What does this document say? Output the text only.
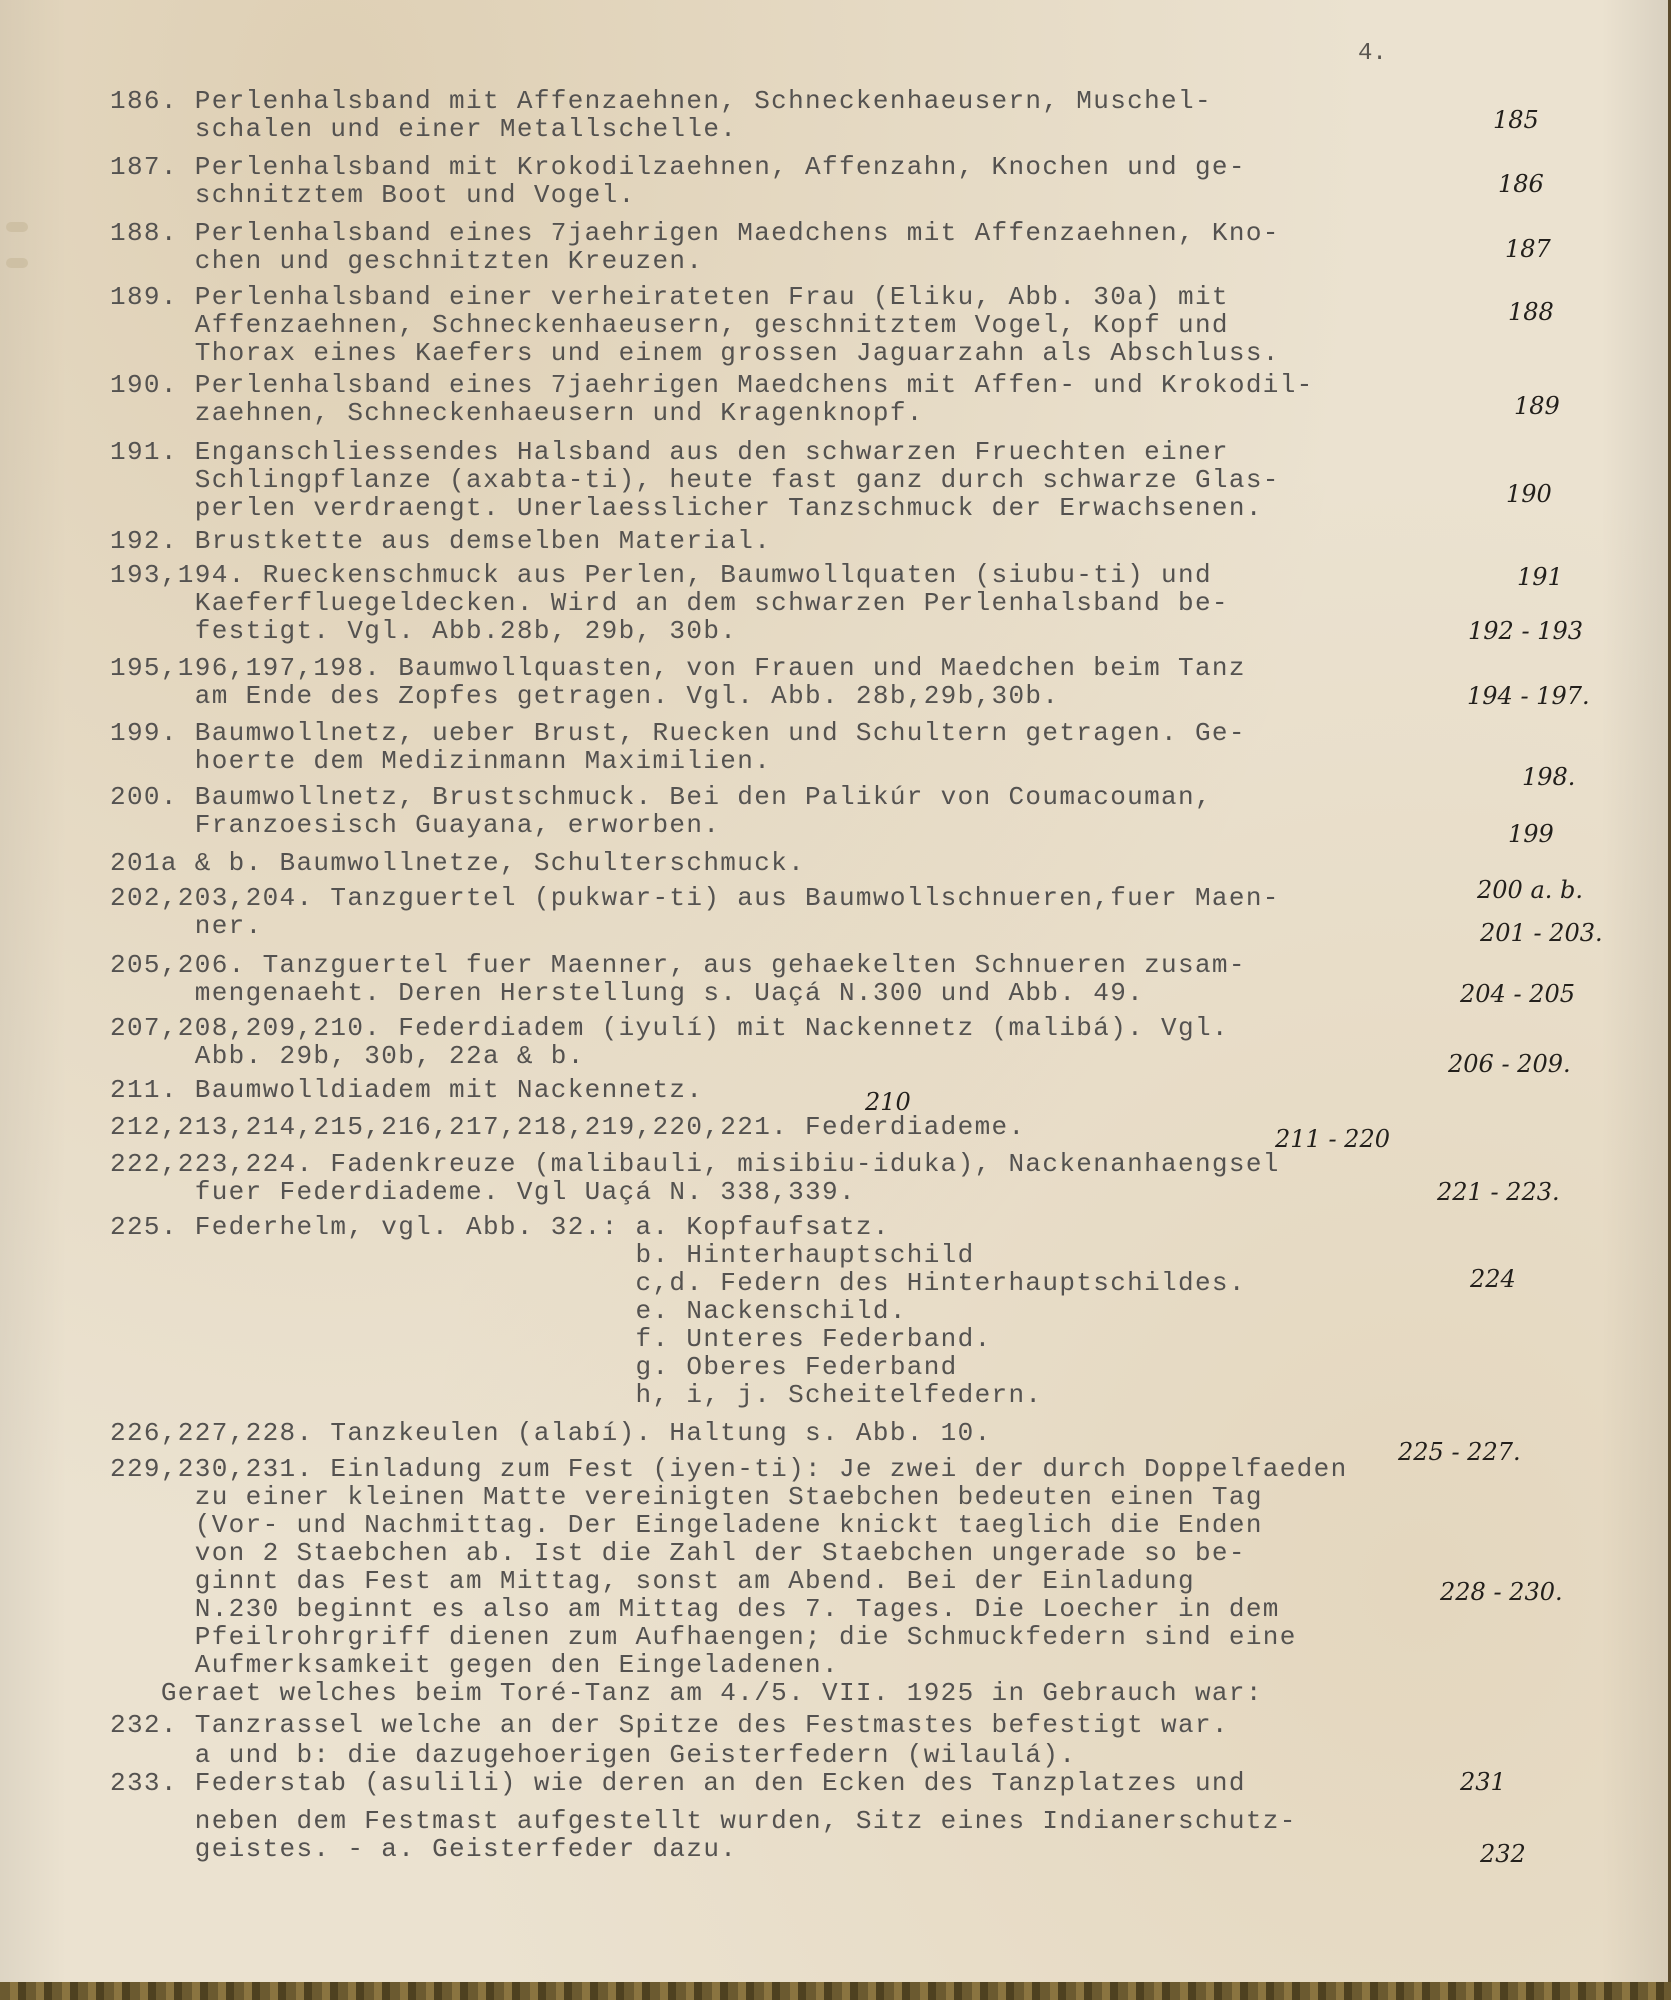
4.
186. Perlenhalsband mit Affenzaehnen, Schneckenhaeusern, Muschel-
schalen und einer Metallschelle.
187. Perlenhalsband mit Krokodilzaehnen, Affenzahn, Knochen und ge-
schnitztem Boot und Vogel.
188. Perlenhalsband eines 7jaehrigen Maedchens mit Affenzaehnen, Kno-
chen und geschnitzten Kreuzen.
189. Perlenhalsband einer verheirateten Frau (Eliku, Abb. 30a) mit
Affenzaehnen, Schneckenhaeusern, geschnitztem Vogel, Kopf und
Thorax eines Kaefers und einem grossen Jaguarzahn als Abschluss.
190. Perlenhalsband eines 7jaehrigen Maedchens mit Affen- und Krokodil-
zaehnen, Schneckenhaeusern und Kragenknopf.
191. Enganschliessendes Halsband aus den schwarzen Fruechten einer
Schlingpflanze (axabta-ti), heute fast ganz durch schwarze Glas-
perlen verdraengt. Unerlaesslicher Tanzschmuck der Erwachsenen.
192. Brustkette aus demselben Material.
193,194. Rueckenschmuck aus Perlen, Baumwollquaten (siubu-ti) und
Kaeferfluegeldecken. Wird an dem schwarzen Perlenhalsband be-
festigt. Vgl. Abb.28b, 29b, 30b.
195,196,197,198. Baumwollquasten, von Frauen und Maedchen beim Tanz
am Ende des Zopfes getragen. Vgl. Abb. 28b,29b,30b.
199. Baumwollnetz, ueber Brust, Ruecken und Schultern getragen. Ge-
hoerte dem Medizinmann Maximilien.
200. Baumwollnetz, Brustschmuck. Bei den Palikúr von Coumacouman,
Franzoesisch Guayana, erworben.
201a & b. Baumwollnetze, Schulterschmuck.
202,203,204. Tanzguertel (pukwar-ti) aus Baumwollschnueren,fuer Maen-
ner.
205,206. Tanzguertel fuer Maenner, aus gehaekelten Schnueren zusam-
mengenaeht. Deren Herstellung s. Uaçá N.300 und Abb. 49.
207,208,209,210. Federdiadem (iyulí) mit Nackennetz (malibá). Vgl.
Abb. 29b, 30b, 22a & b.
211. Baumwolldiadem mit Nackennetz.
212,213,214,215,216,217,218,219,220,221. Federdiademe.
222,223,224. Fadenkreuze (malibauli, misibiu-iduka), Nackenanhaengsel
fuer Federdiademe. Vgl Uaçá N. 338,339.
225. Federhelm, vgl. Abb. 32.: a. Kopfaufsatz.
b. Hinterhauptschild
c,d. Federn des Hinterhauptschildes.
e. Nackenschild.
f. Unteres Federband.
g. Oberes Federband
h, i, j. Scheitelfedern.
226,227,228. Tanzkeulen (alabí). Haltung s. Abb. 10.
229,230,231. Einladung zum Fest (iyen-ti): Je zwei der durch Doppelfaeden
zu einer kleinen Matte vereinigten Staebchen bedeuten einen Tag
(Vor- und Nachmittag. Der Eingeladene knickt taeglich die Enden
von 2 Staebchen ab. Ist die Zahl der Staebchen ungerade so be-
ginnt das Fest am Mittag, sonst am Abend. Bei der Einladung
N.230 beginnt es also am Mittag des 7. Tages. Die Loecher in dem
Pfeilrohrgriff dienen zum Aufhaengen; die Schmuckfedern sind eine
Aufmerksamkeit gegen den Eingeladenen.
Geraet welches beim Toré-Tanz am 4./5. VII. 1925 in Gebrauch war:
232. Tanzrassel welche an der Spitze des Festmastes befestigt war.
a und b: die dazugehoerigen Geisterfedern (wilaulá).
233. Federstab (asulili) wie deren an den Ecken des Tanzplatzes und
neben dem Festmast aufgestellt wurden, Sitz eines Indianerschutz-
geistes. - a. Geisterfeder dazu.
185
186
187
188
189
190
191
192 - 193
194 - 197.
198.
199
200 a. b.
201 - 203.
204 - 205
206 - 209.
210
211 - 220
221 - 223.
224
225 - 227.
228 - 230.
231
232
